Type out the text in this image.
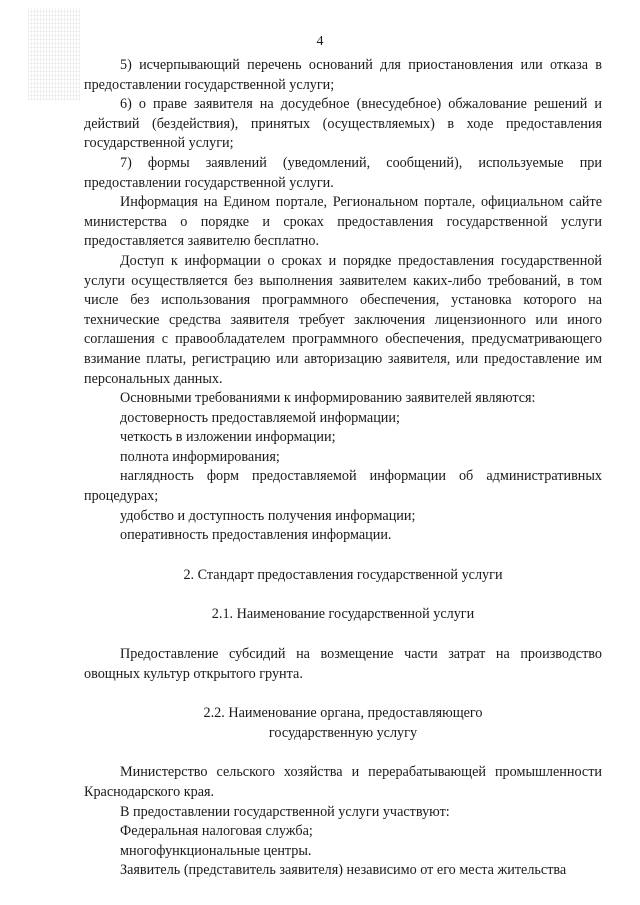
4

5) исчерпывающий перечень оснований для приостановления или отказа в предоставлении государственной услуги;

6) о праве заявителя на досудебное (внесудебное) обжалование решений и действий (бездействия), принятых (осуществляемых) в ходе предоставления государственной услуги;

7) формы заявлений (уведомлений, сообщений), используемые при предоставлении государственной услуги.

Информация на Едином портале, Региональном портале, официальном сайте министерства о порядке и сроках предоставления государственной услуги предоставляется заявителю бесплатно.

Доступ к информации о сроках и порядке предоставления государственной услуги осуществляется без выполнения заявителем каких-либо требований, в том числе без использования программного обеспечения, установка которого на технические средства заявителя требует заключения лицензионного или иного соглашения с правообладателем программного обеспечения, предусматривающего взимание платы, регистрацию или авторизацию заявителя, или предоставление им персональных данных.

Основными требованиями к информированию заявителей являются:

достоверность предоставляемой информации;

четкость в изложении информации;

полнота информирования;

наглядность форм предоставляемой информации об административных процедурах;

удобство и доступность получения информации;

оперативность предоставления информации.

2. Стандарт предоставления государственной услуги

2.1. Наименование государственной услуги

Предоставление субсидий на возмещение части затрат на производство овощных культур открытого грунта.

2.2. Наименование органа, предоставляющего

государственную услугу

Министерство сельского хозяйства и перерабатывающей промышленности Краснодарского края.

В предоставлении государственной услуги участвуют:

Федеральная налоговая служба;

многофункциональные центры.

Заявитель (представитель заявителя) независимо от его места жительства
